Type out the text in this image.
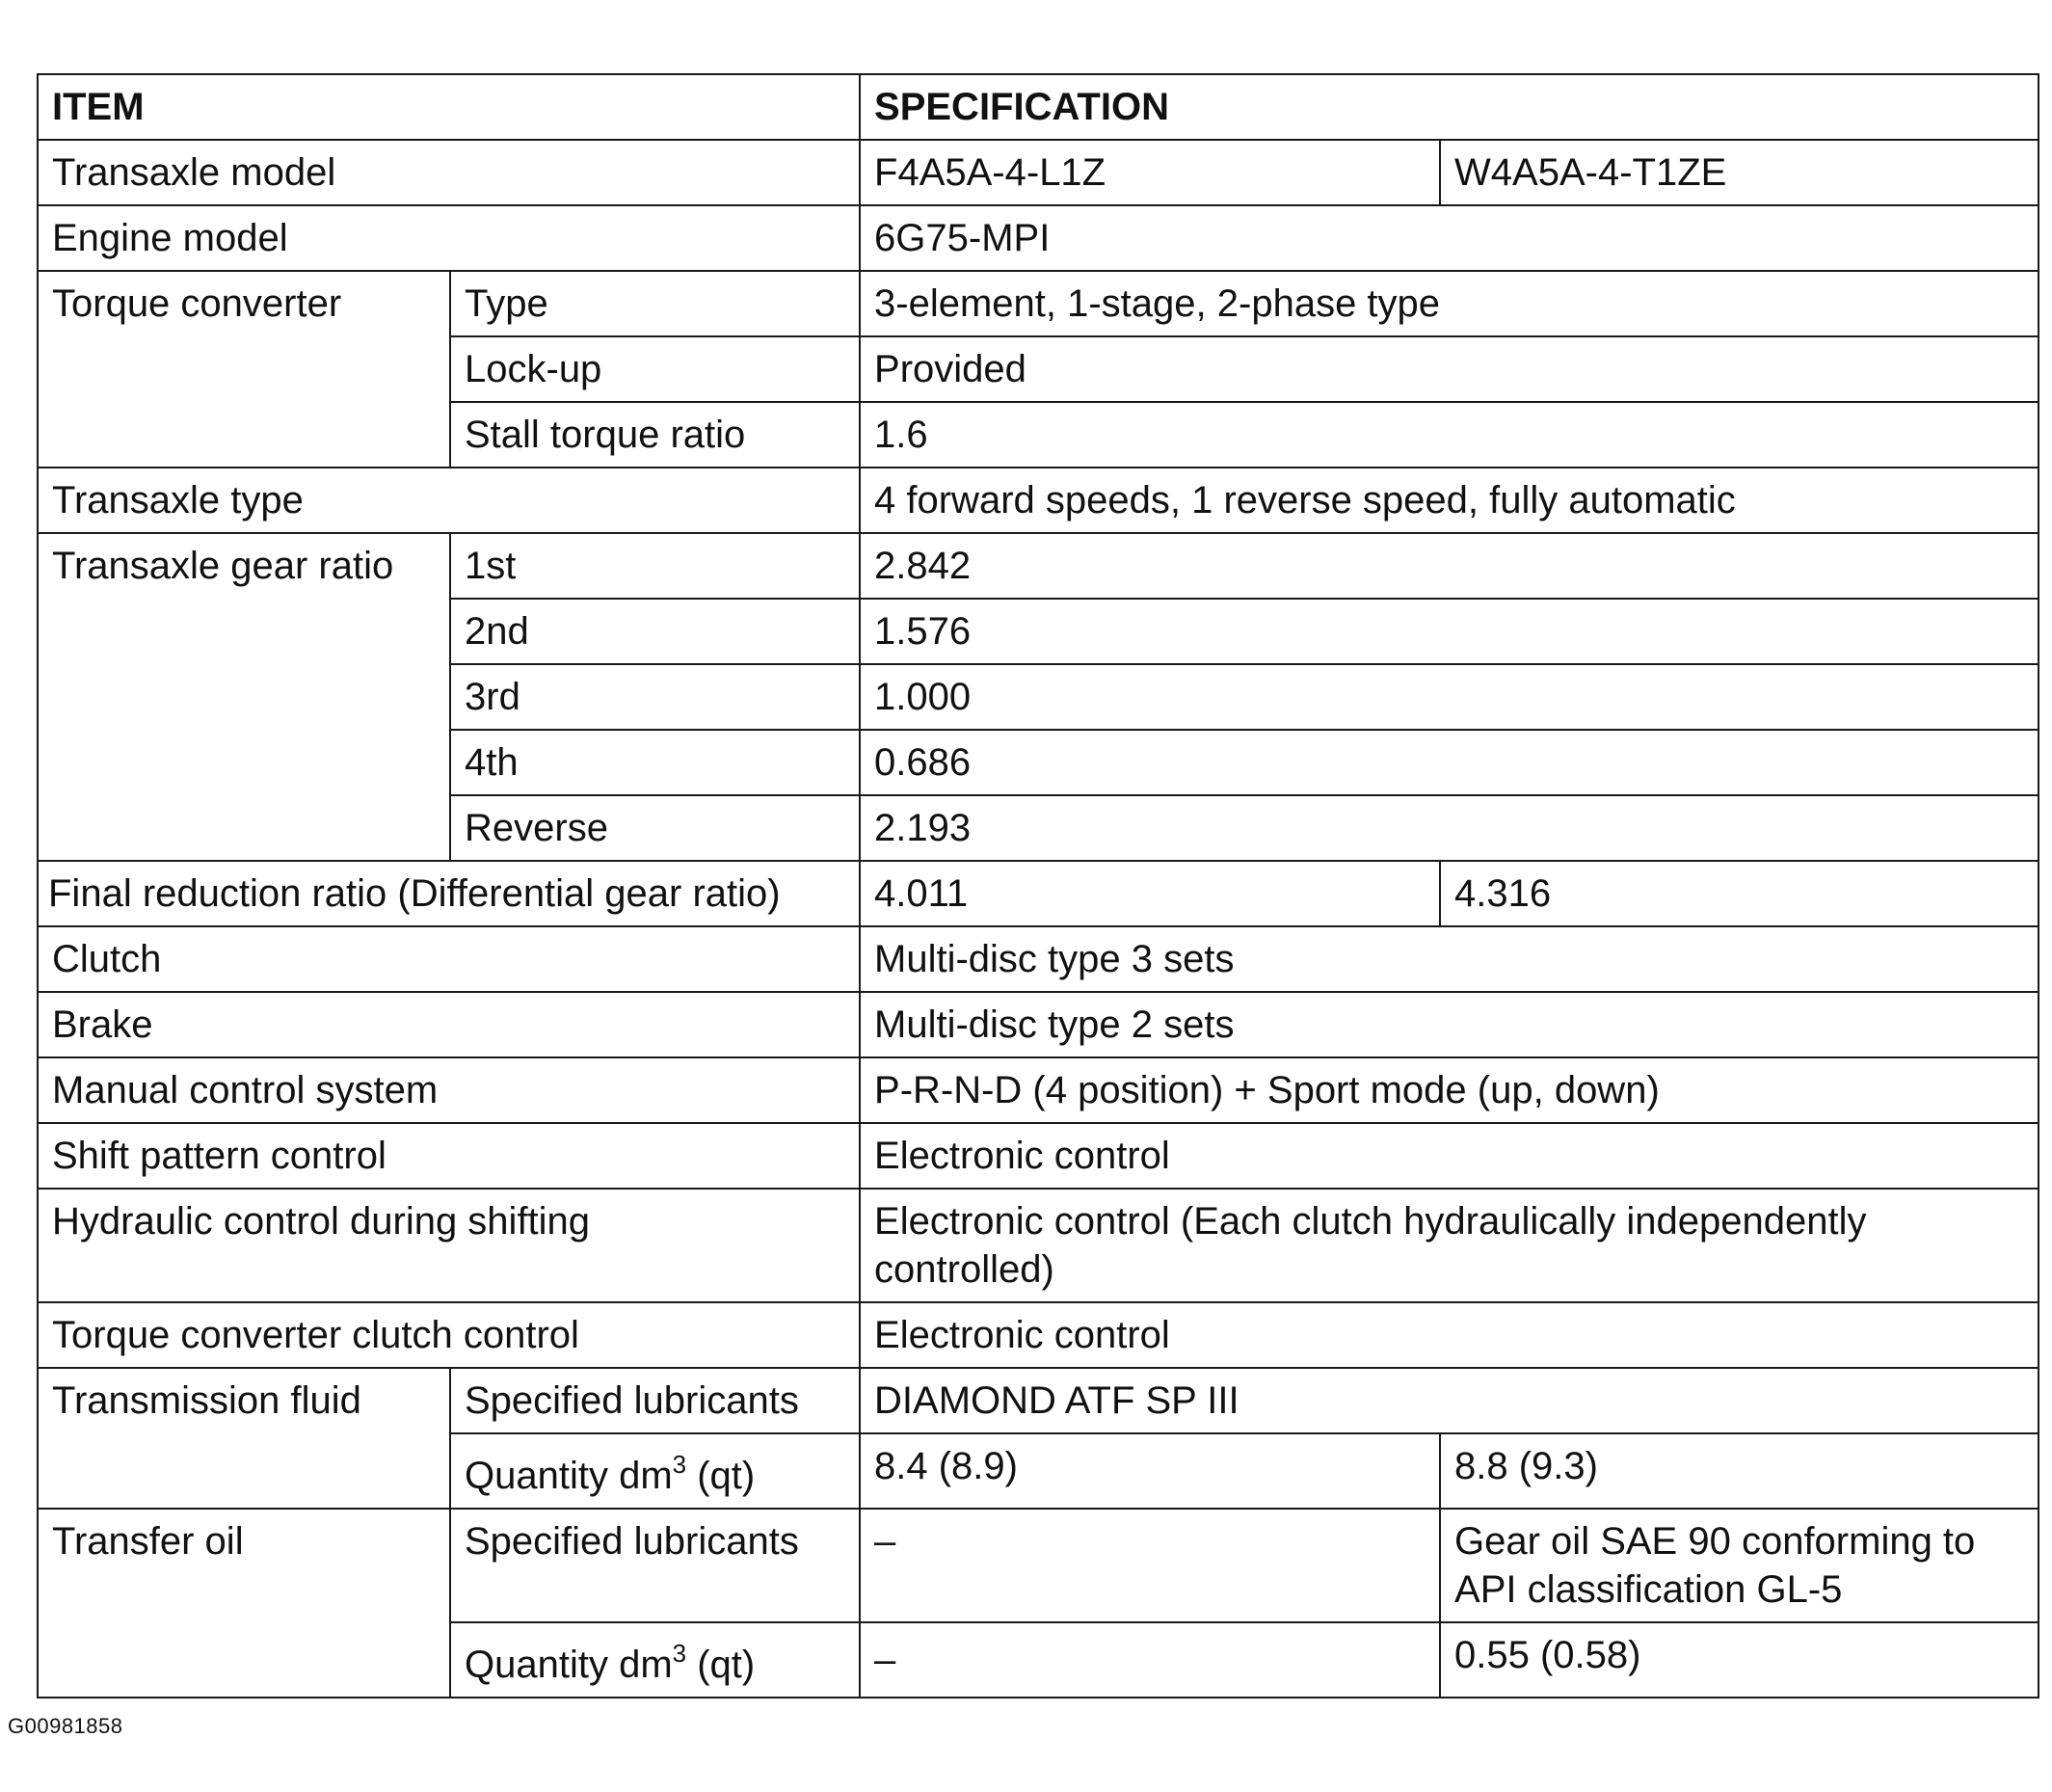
ITEM		SPECIFICATION	
Transaxle model		F4A5A-4-L1Z	W4A5A-4-T1ZE
Engine model		6G75-MPI	
Torque converter	Type	3-element, 1-stage, 2-phase type	
	Lock-up	Provided	
	Stall torque ratio	1.6	
Transaxle type		4 forward speeds, 1 reverse speed, fully automatic	
Transaxle gear ratio	1st	2.842	
	2nd	1.576	
	3rd	1.000	
	4th	0.686	
	Reverse	2.193	
Final reduction ratio (Differential gear ratio)		4.011	4.316
Clutch		Multi-disc type 3 sets	
Brake		Multi-disc type 2 sets	
Manual control system		P-R-N-D (4 position) + Sport mode (up, down)	
Shift pattern control		Electronic control	
Hydraulic control during shifting		Electronic control (Each clutch hydraulically independently controlled)	
Torque converter clutch control		Electronic control	
Transmission fluid	Specified lubricants	DIAMOND ATF SP III	
	Quantity $dm^3$ (qt)	8.4 (8.9)	8.8 (9.3)
Transfer oil	Specified lubricants	–	Gear oil SAE 90 conforming to API classification GL-5
	Quantity $dm^3$ (qt)	–	0.55 (0.58)
G00981858
